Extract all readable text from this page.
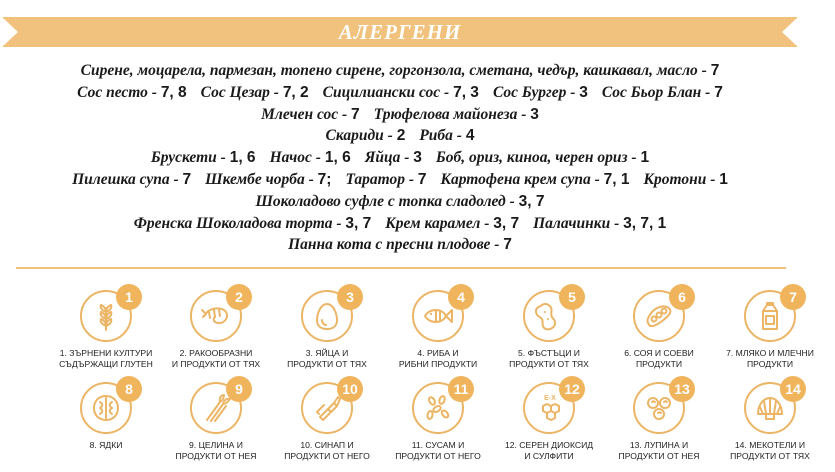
АЛЕРГЕНИ
Сирене, моцарела, пармезан, топено сирене, горгонзола, сметана, чедър, кашкавал, масло - 7
Сос песто - 7, 8 Сос Цезар - 7, 2 Сицилиански сос - 7, 3 Сос Бургер - 3 Сос Бьор Блан - 7
Млечен сос - 7 Трюфелова майонеза - 3
Скариди - 2 Риба - 4
Брускети - 1, 6 Начос - 1, 6 Яйца - 3 Боб, ориз, киноа, черен ориз - 1
Пилешка супа - 7 Шкембе чорба - 7; Таратор - 7 Картофена крем супа - 7, 1 Кротони - 1
Шоколадово суфле с топка сладолед - 3, 7
Френска Шоколадова торта - 3, 7 Крем карамел - 3, 7 Палачинки - 3, 7, 1
Панна кота с пресни плодове - 7
1
1. ЗЪРНЕНИ КУЛТУРИ
СЪДЪРЖАЩИ ГЛУТЕН
2
2. РАКООБРАЗНИ
И ПРОДУКТИ ОТ ТЯХ
3
3. ЯЙЦА И
ПРОДУКТИ ОТ ТЯХ
4
4. РИБА И
РИБНИ ПРОДУКТИ
5
5. ФЪСТЪЦИ И
ПРОДУКТИ ОТ ТЯХ
6
6. СОЯ И СОЕВИ
ПРОДУКТИ
7
7. МЛЯКО И МЛЕЧНИ
ПРОДУКТИ
8
8. ЯДКИ
9
9. ЦЕЛИНА И
ПРОДУКТИ ОТ НЕЯ
10
10. СИНАП И
ПРОДУКТИ ОТ НЕГО
11
11. СУСАМ И
ПРОДУКТИ ОТ НЕГО
E-X
12
12. СЕРЕН ДИОКСИД
И СУЛФИТИ
13
13. ЛУПИНА И
ПРОДУКТИ ОТ НЕЯ
14
14. МЕКОТЕЛИ И
ПРОДУКТИ ОТ ТЯХ
